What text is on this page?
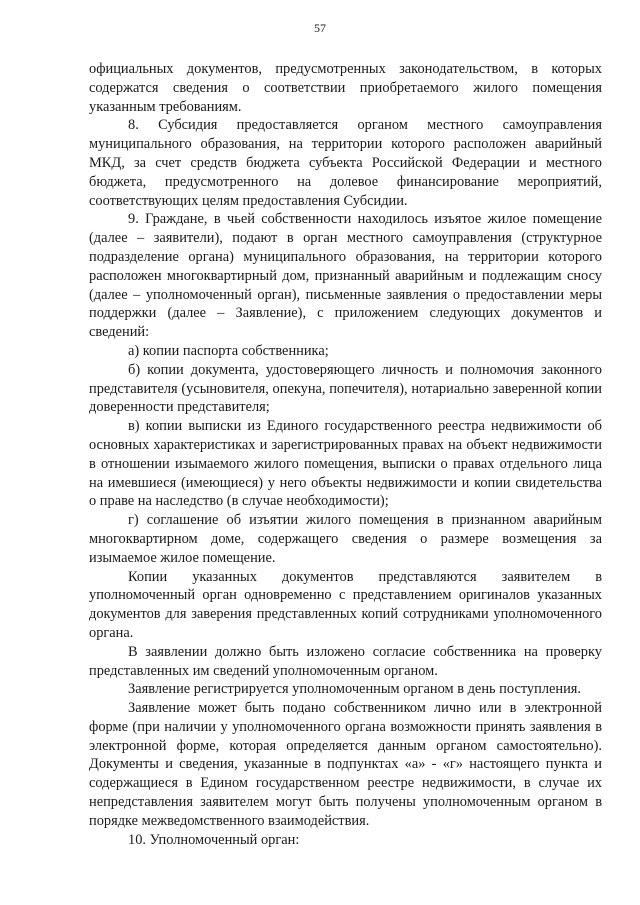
57

официальных документов, предусмотренных законодательством, в которых содержатся сведения о соответствии приобретаемого жилого помещения указанным требованиям.

8. Субсидия предоставляется органом местного самоуправления муниципального образования, на территории которого расположен аварийный МКД, за счет средств бюджета субъекта Российской Федерации и местного бюджета, предусмотренного на долевое финансирование мероприятий, соответствующих целям предоставления Субсидии.

9. Граждане, в чьей собственности находилось изъятое жилое помещение (далее – заявители), подают в орган местного самоуправления (структурное подразделение органа) муниципального образования, на территории которого расположен многоквартирный дом, признанный аварийным и подлежащим сносу (далее – уполномоченный орган), письменные заявления о предоставлении меры поддержки (далее – Заявление), с приложением следующих документов и сведений:

а) копии паспорта собственника;

б) копии документа, удостоверяющего личность и полномочия законного представителя (усыновителя, опекуна, попечителя), нотариально заверенной копии доверенности представителя;

в) копии выписки из Единого государственного реестра недвижимости об основных характеристиках и зарегистрированных правах на объект недвижимости в отношении изымаемого жилого помещения, выписки о правах отдельного лица на имевшиеся (имеющиеся) у него объекты недвижимости и копии свидетельства о праве на наследство (в случае необходимости);

г) соглашение об изъятии жилого помещения в признанном аварийным многоквартирном доме, содержащего сведения о размере возмещения за изымаемое жилое помещение.

Копии указанных документов представляются заявителем в уполномоченный орган одновременно с представлением оригиналов указанных документов для заверения представленных копий сотрудниками уполномоченного органа.

В заявлении должно быть изложено согласие собственника на проверку представленных им сведений уполномоченным органом.

Заявление регистрируется уполномоченным органом в день поступления.

Заявление может быть подано собственником лично или в электронной форме (при наличии у уполномоченного органа возможности принять заявления в электронной форме, которая определяется данным органом самостоятельно). Документы и сведения, указанные в подпунктах «а» - «г» настоящего пункта и содержащиеся в Едином государственном реестре недвижимости, в случае их непредставления заявителем могут быть получены уполномоченным органом в порядке межведомственного взаимодействия.

10. Уполномоченный орган:
